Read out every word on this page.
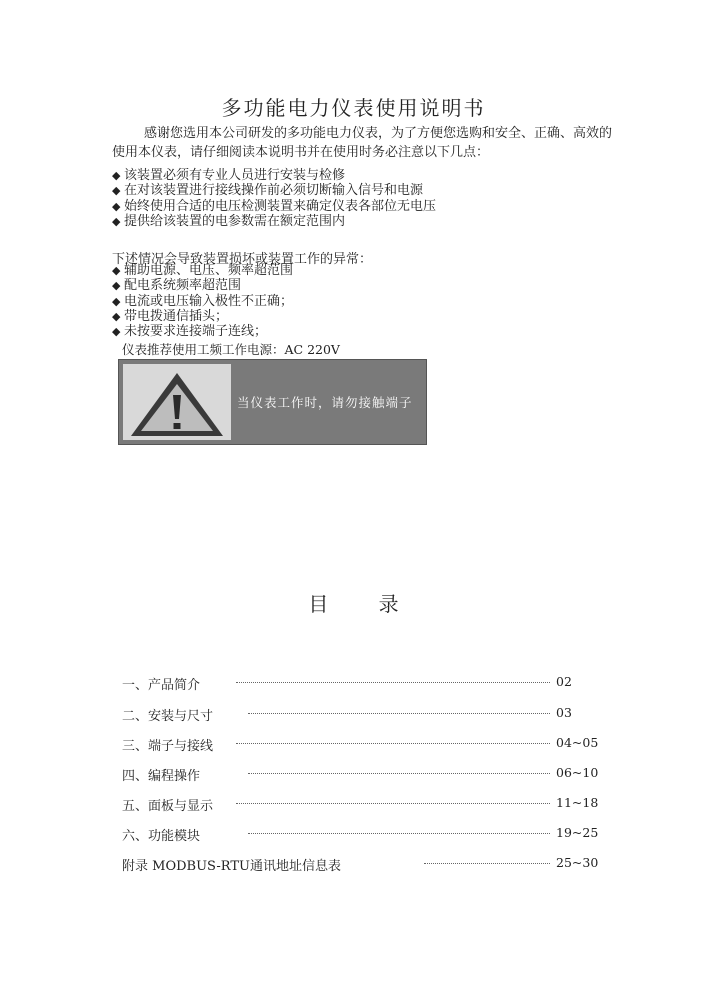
多功能电力仪表使用说明书
感谢您选用本公司研发的多功能电力仪表，为了方便您选购和安全、正确、高效的使用本仪表，请仔细阅读本说明书并在使用时务必注意以下几点：
◆ 该装置必须有专业人员进行安装与检修
◆ 在对该装置进行接线操作前必须切断输入信号和电源
◆ 始终使用合适的电压检测装置来确定仪表各部位无电压
◆ 提供给该装置的电参数需在额定范围内
下述情况会导致装置损坏或装置工作的异常：
◆ 辅助电源、电压、频率超范围
◆ 配电系统频率超范围
◆ 电流或电压输入极性不正确；
◆ 带电拨通信插头；
◆ 未按要求连接端子连线；
仪表推荐使用工频工作电源：AC 220V
当仪表工作时，请勿接触端子
目 录
一、产品简介	02
二、安装与尺寸	03
三、端子与接线	04~05
四、编程操作	06~10
五、面板与显示	11~18
六、功能模块	19~25
附录 MODBUS-RTU通讯地址信息表	25~30
